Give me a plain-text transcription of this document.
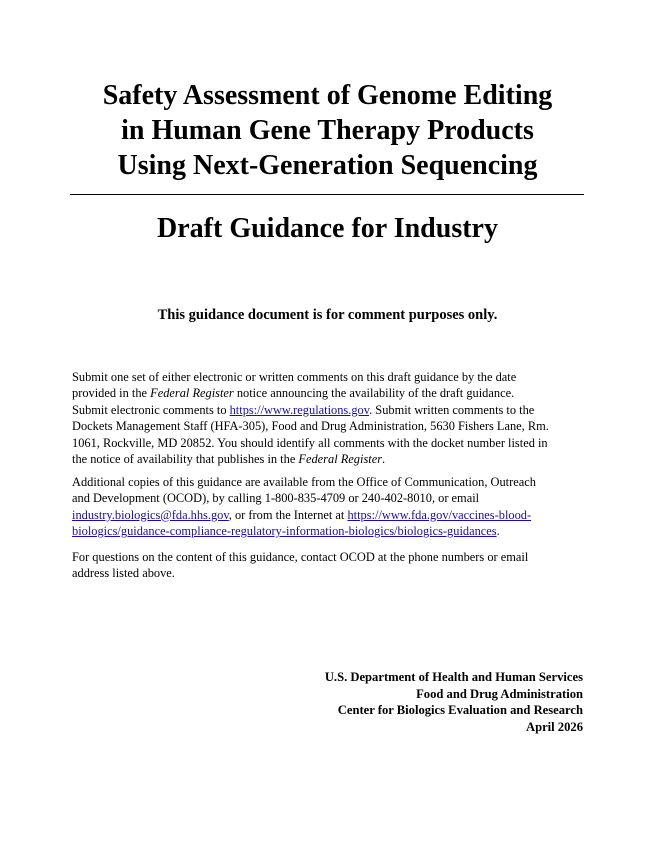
Safety Assessment of Genome Editing
in Human Gene Therapy Products
Using Next-Generation Sequencing
Draft Guidance for Industry
This guidance document is for comment purposes only.
Submit one set of either electronic or written comments on this draft guidance by the date
provided in the Federal Register notice announcing the availability of the draft guidance.
Submit electronic comments to https://www.regulations.gov. Submit written comments to the
Dockets Management Staff (HFA-305), Food and Drug Administration, 5630 Fishers Lane, Rm.
1061, Rockville, MD 20852. You should identify all comments with the docket number listed in
the notice of availability that publishes in the Federal Register.
Additional copies of this guidance are available from the Office of Communication, Outreach
and Development (OCOD), by calling 1-800-835-4709 or 240-402-8010, or email
industry.biologics@fda.hhs.gov, or from the Internet at https://www.fda.gov/vaccines-blood-
biologics/guidance-compliance-regulatory-information-biologics/biologics-guidances.
For questions on the content of this guidance, contact OCOD at the phone numbers or email
address listed above.
U.S. Department of Health and Human Services
Food and Drug Administration
Center for Biologics Evaluation and Research
April 2026
